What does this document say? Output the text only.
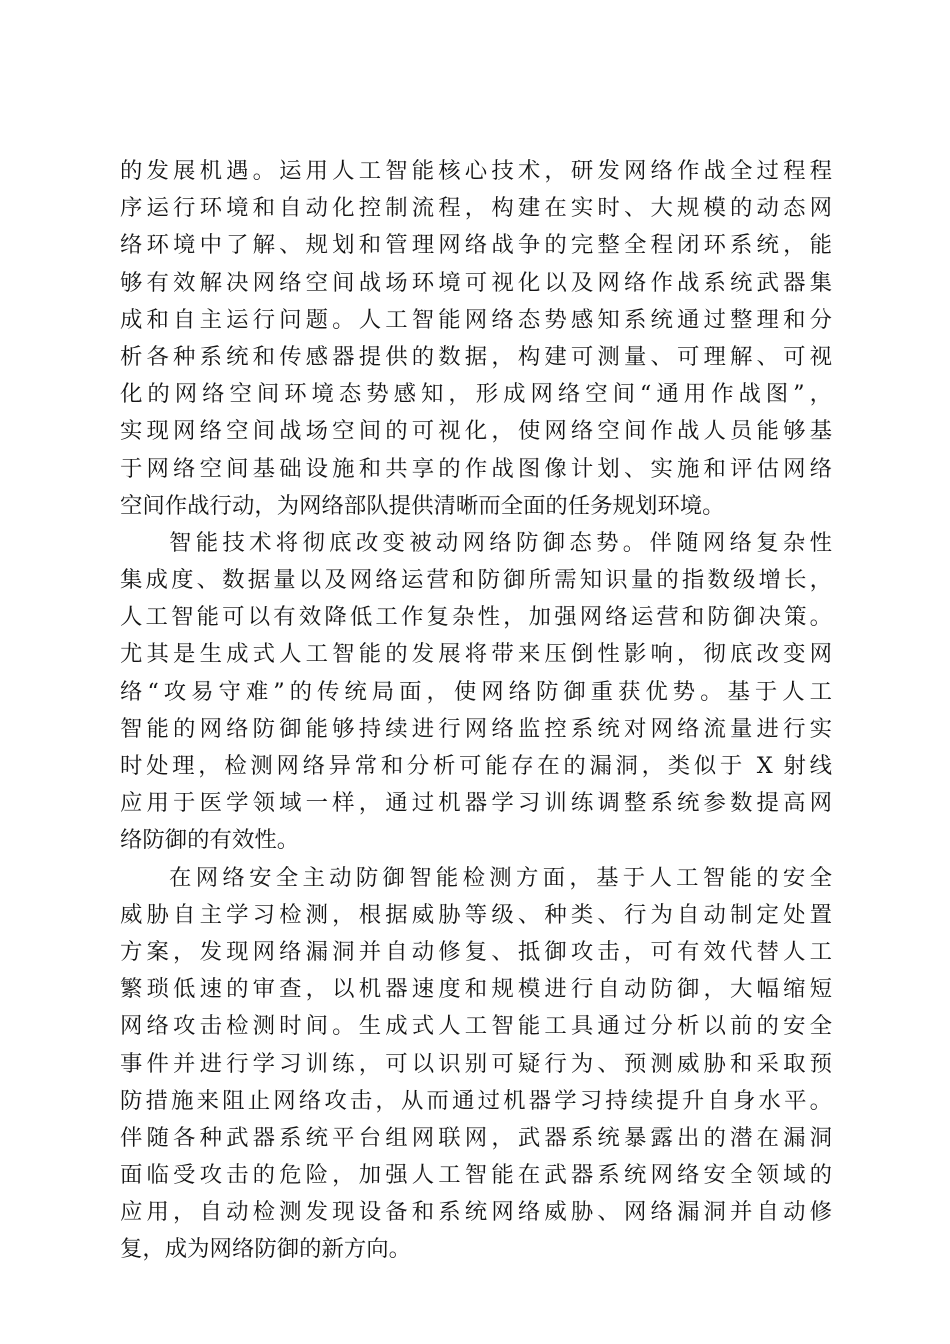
的发展机遇。运用人工智能核心技术，研发网络作战全过程程
序运行环境和自动化控制流程，构建在实时、大规模的动态网
络环境中了解、规划和管理网络战争的完整全程闭环系统，能
够有效解决网络空间战场环境可视化以及网络作战系统武器集
成和自主运行问题。人工智能网络态势感知系统通过整理和分
析各种系统和传感器提供的数据，构建可测量、可理解、可视
化的网络空间环境态势感知，形成网络空间“通用作战图”，
实现网络空间战场空间的可视化，使网络空间作战人员能够基
于网络空间基础设施和共享的作战图像计划、实施和评估网络
空间作战行动，为网络部队提供清晰而全面的任务规划环境。
智能技术将彻底改变被动网络防御态势。伴随网络复杂性
集成度、数据量以及网络运营和防御所需知识量的指数级增长，
人工智能可以有效降低工作复杂性，加强网络运营和防御决策。
尤其是生成式人工智能的发展将带来压倒性影响，彻底改变网
络“攻易守难”的传统局面，使网络防御重获优势。基于人工
智能的网络防御能够持续进行网络监控系统对网络流量进行实
时处理，检测网络异常和分析可能存在的漏洞，类似于 X 射线
应用于医学领域一样，通过机器学习训练调整系统参数提高网
络防御的有效性。
在网络安全主动防御智能检测方面，基于人工智能的安全
威胁自主学习检测，根据威胁等级、种类、行为自动制定处置
方案，发现网络漏洞并自动修复、抵御攻击，可有效代替人工
繁琐低速的审查，以机器速度和规模进行自动防御，大幅缩短
网络攻击检测时间。生成式人工智能工具通过分析以前的安全
事件并进行学习训练，可以识别可疑行为、预测威胁和采取预
防措施来阻止网络攻击，从而通过机器学习持续提升自身水平。
伴随各种武器系统平台组网联网，武器系统暴露出的潜在漏洞
面临受攻击的危险，加强人工智能在武器系统网络安全领域的
应用，自动检测发现设备和系统网络威胁、网络漏洞并自动修
复，成为网络防御的新方向。
